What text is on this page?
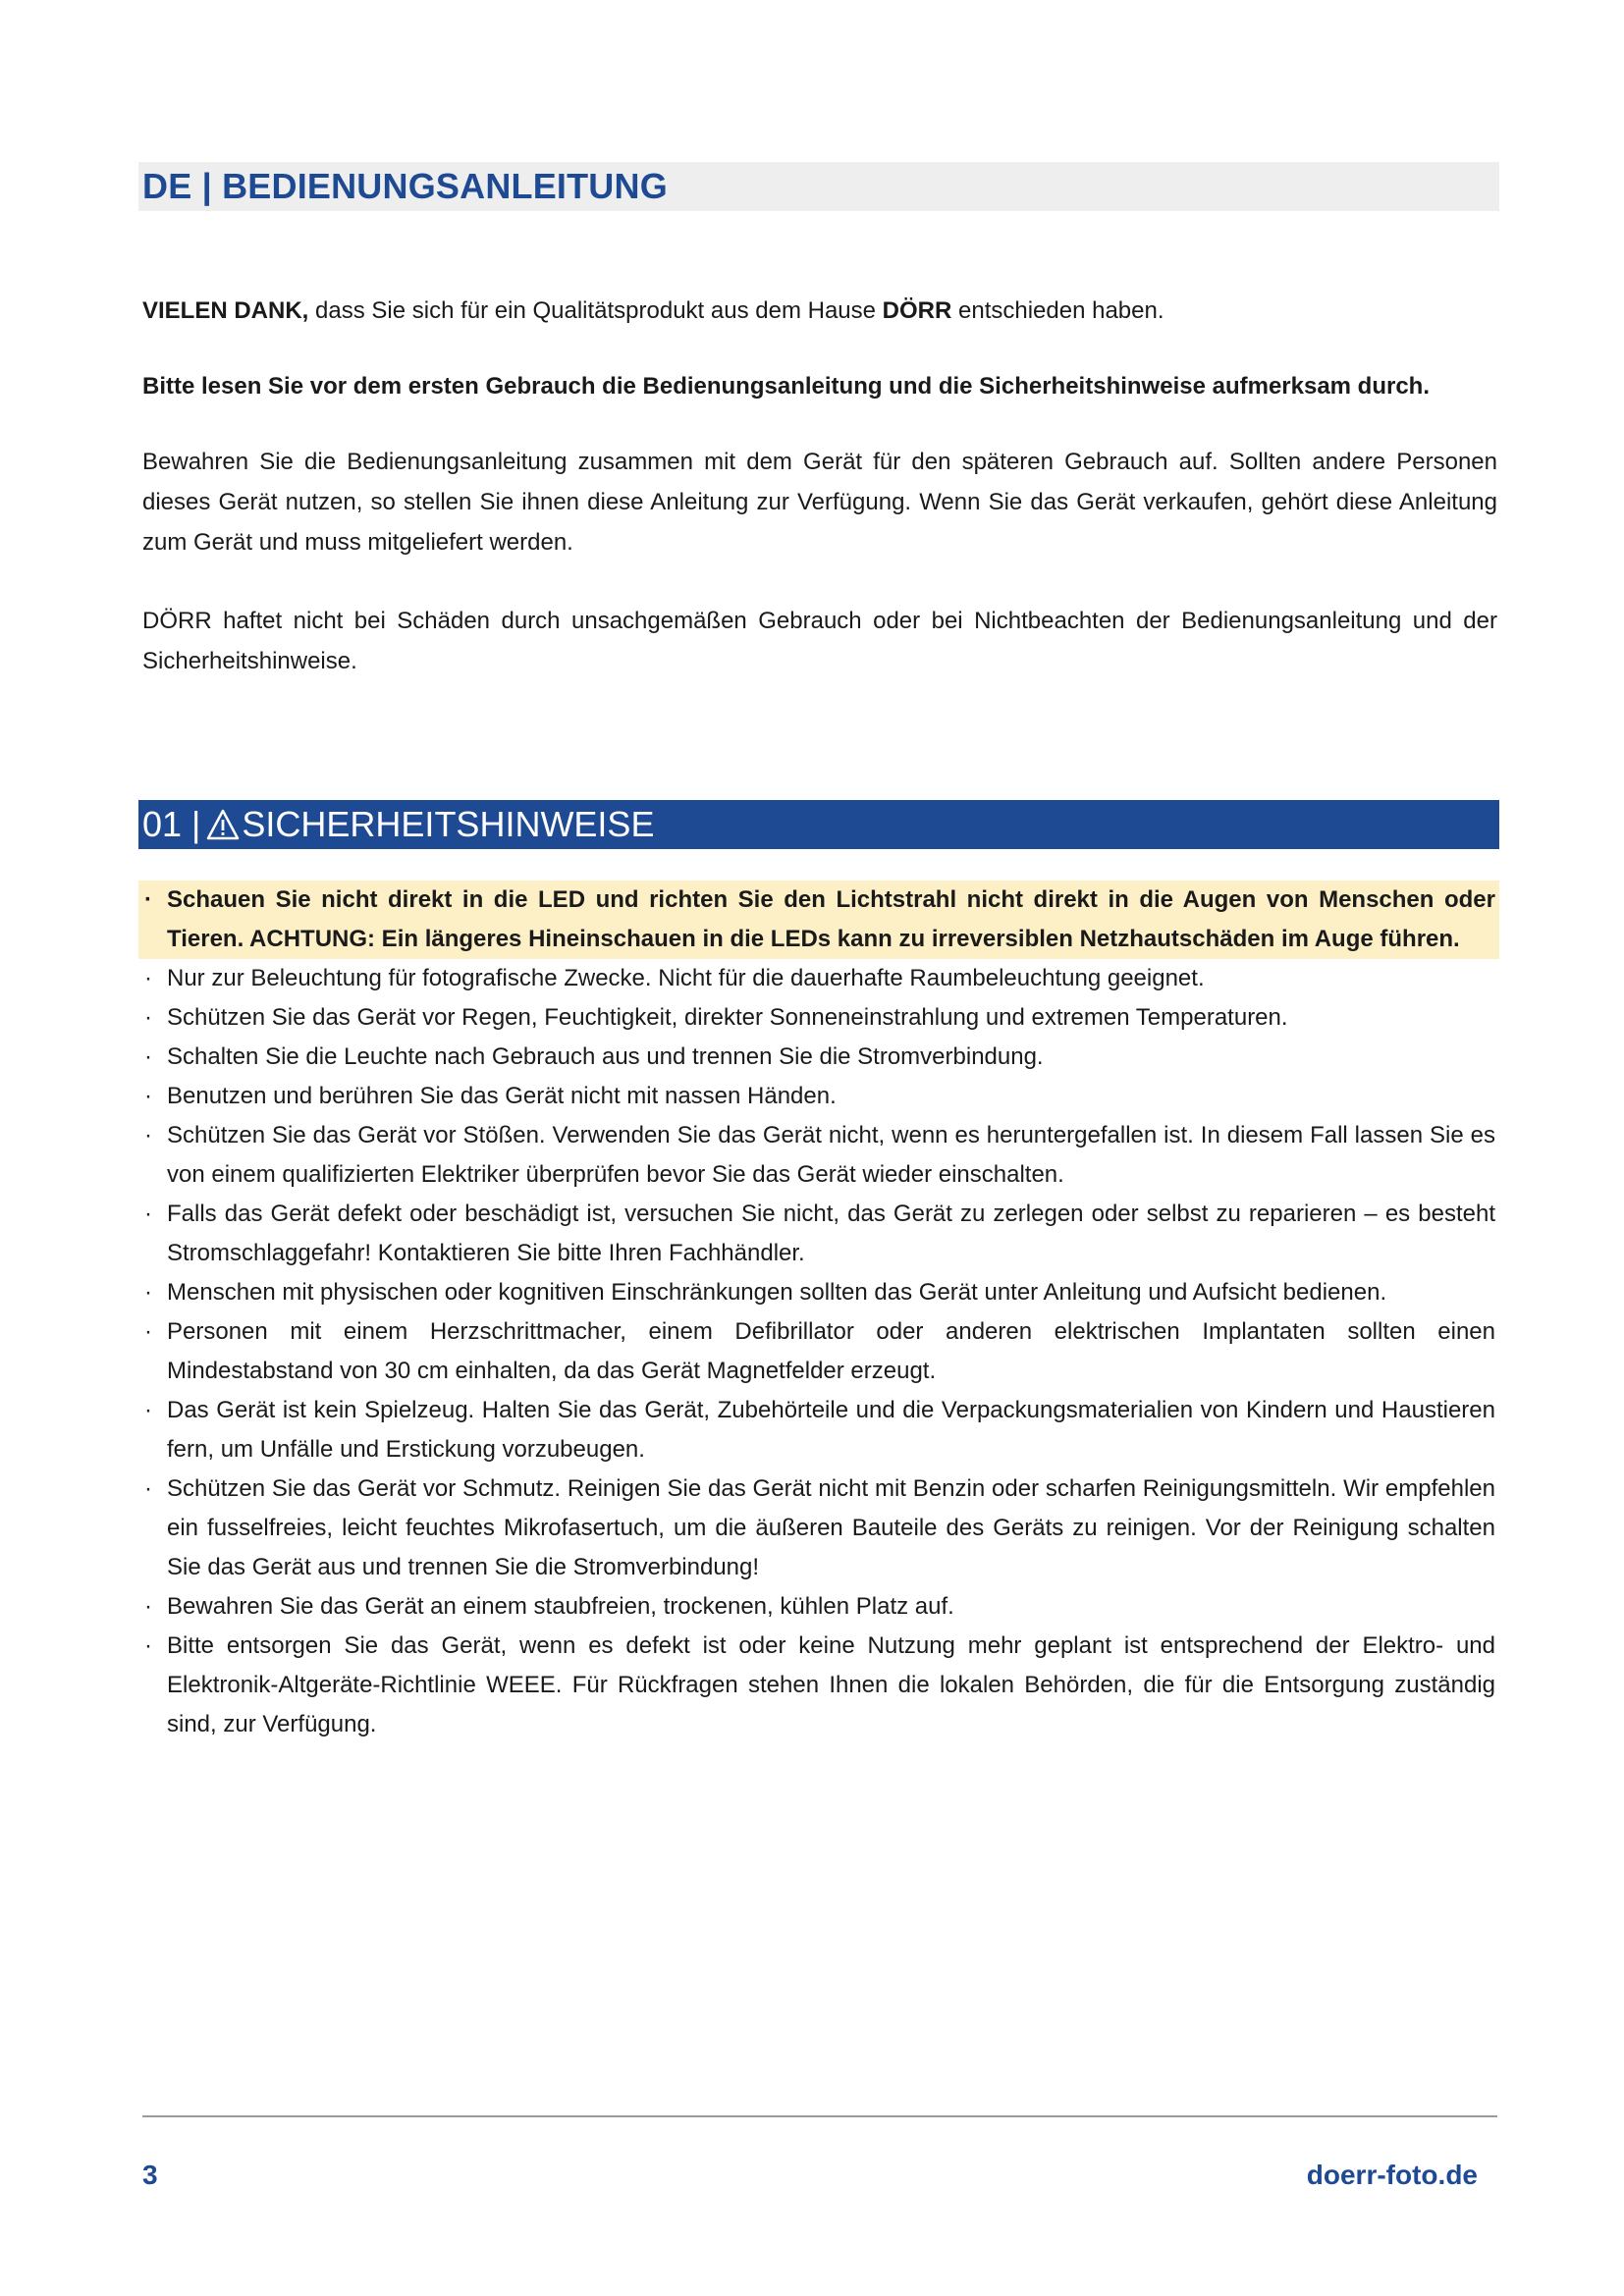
DE | BEDIENUNGSANLEITUNG
VIELEN DANK, dass Sie sich für ein Qualitätsprodukt aus dem Hause DÖRR entschieden haben.
Bitte lesen Sie vor dem ersten Gebrauch die Bedienungsanleitung und die Sicherheitshinweise aufmerksam durch.
Bewahren Sie die Bedienungsanleitung zusammen mit dem Gerät für den späteren Gebrauch auf. Sollten andere Personen dieses Gerät nutzen, so stellen Sie ihnen diese Anleitung zur Verfügung. Wenn Sie das Gerät verkaufen, gehört diese Anleitung zum Gerät und muss mitgeliefert werden.
DÖRR haftet nicht bei Schäden durch unsachgemäßen Gebrauch oder bei Nichtbeachten der Bedienungsanleitung und der Sicherheitshinweise.
01 | SICHERHEITSHINWEISE
· Schauen Sie nicht direkt in die LED und richten Sie den Lichtstrahl nicht direkt in die Augen von Menschen oder Tieren. ACHTUNG: Ein längeres Hineinschauen in die LEDs kann zu irreversiblen Netzhautschäden im Auge führen.
· Nur zur Beleuchtung für fotografische Zwecke. Nicht für die dauerhafte Raumbeleuchtung geeignet.
· Schützen Sie das Gerät vor Regen, Feuchtigkeit, direkter Sonneneinstrahlung und extremen Temperaturen.
· Schalten Sie die Leuchte nach Gebrauch aus und trennen Sie die Stromverbindung.
· Benutzen und berühren Sie das Gerät nicht mit nassen Händen.
· Schützen Sie das Gerät vor Stößen. Verwenden Sie das Gerät nicht, wenn es heruntergefallen ist. In diesem Fall lassen Sie es von einem qualifizierten Elektriker überprüfen bevor Sie das Gerät wieder einschalten.
· Falls das Gerät defekt oder beschädigt ist, versuchen Sie nicht, das Gerät zu zerlegen oder selbst zu reparieren – es besteht Stromschlaggefahr! Kontaktieren Sie bitte Ihren Fachhändler.
· Menschen mit physischen oder kognitiven Einschränkungen sollten das Gerät unter Anleitung und Aufsicht bedienen.
· Personen mit einem Herzschrittmacher, einem Defibrillator oder anderen elektrischen Implantaten sollten einen Mindestabstand von 30 cm einhalten, da das Gerät Magnetfelder erzeugt.
· Das Gerät ist kein Spielzeug. Halten Sie das Gerät, Zubehörteile und die Verpackungsmaterialien von Kindern und Haustieren fern, um Unfälle und Erstickung vorzubeugen.
· Schützen Sie das Gerät vor Schmutz. Reinigen Sie das Gerät nicht mit Benzin oder scharfen Reinigungsmitteln. Wir empfehlen ein fusselfreies, leicht feuchtes Mikrofasertuch, um die äußeren Bauteile des Geräts zu reinigen. Vor der Reinigung schalten Sie das Gerät aus und trennen Sie die Stromverbindung!
· Bewahren Sie das Gerät an einem staubfreien, trockenen, kühlen Platz auf.
· Bitte entsorgen Sie das Gerät, wenn es defekt ist oder keine Nutzung mehr geplant ist entsprechend der Elektro- und Elektronik-Altgeräte-Richtlinie WEEE. Für Rückfragen stehen Ihnen die lokalen Behörden, die für die Entsorgung zuständig sind, zur Verfügung.
3	doerr-foto.de
